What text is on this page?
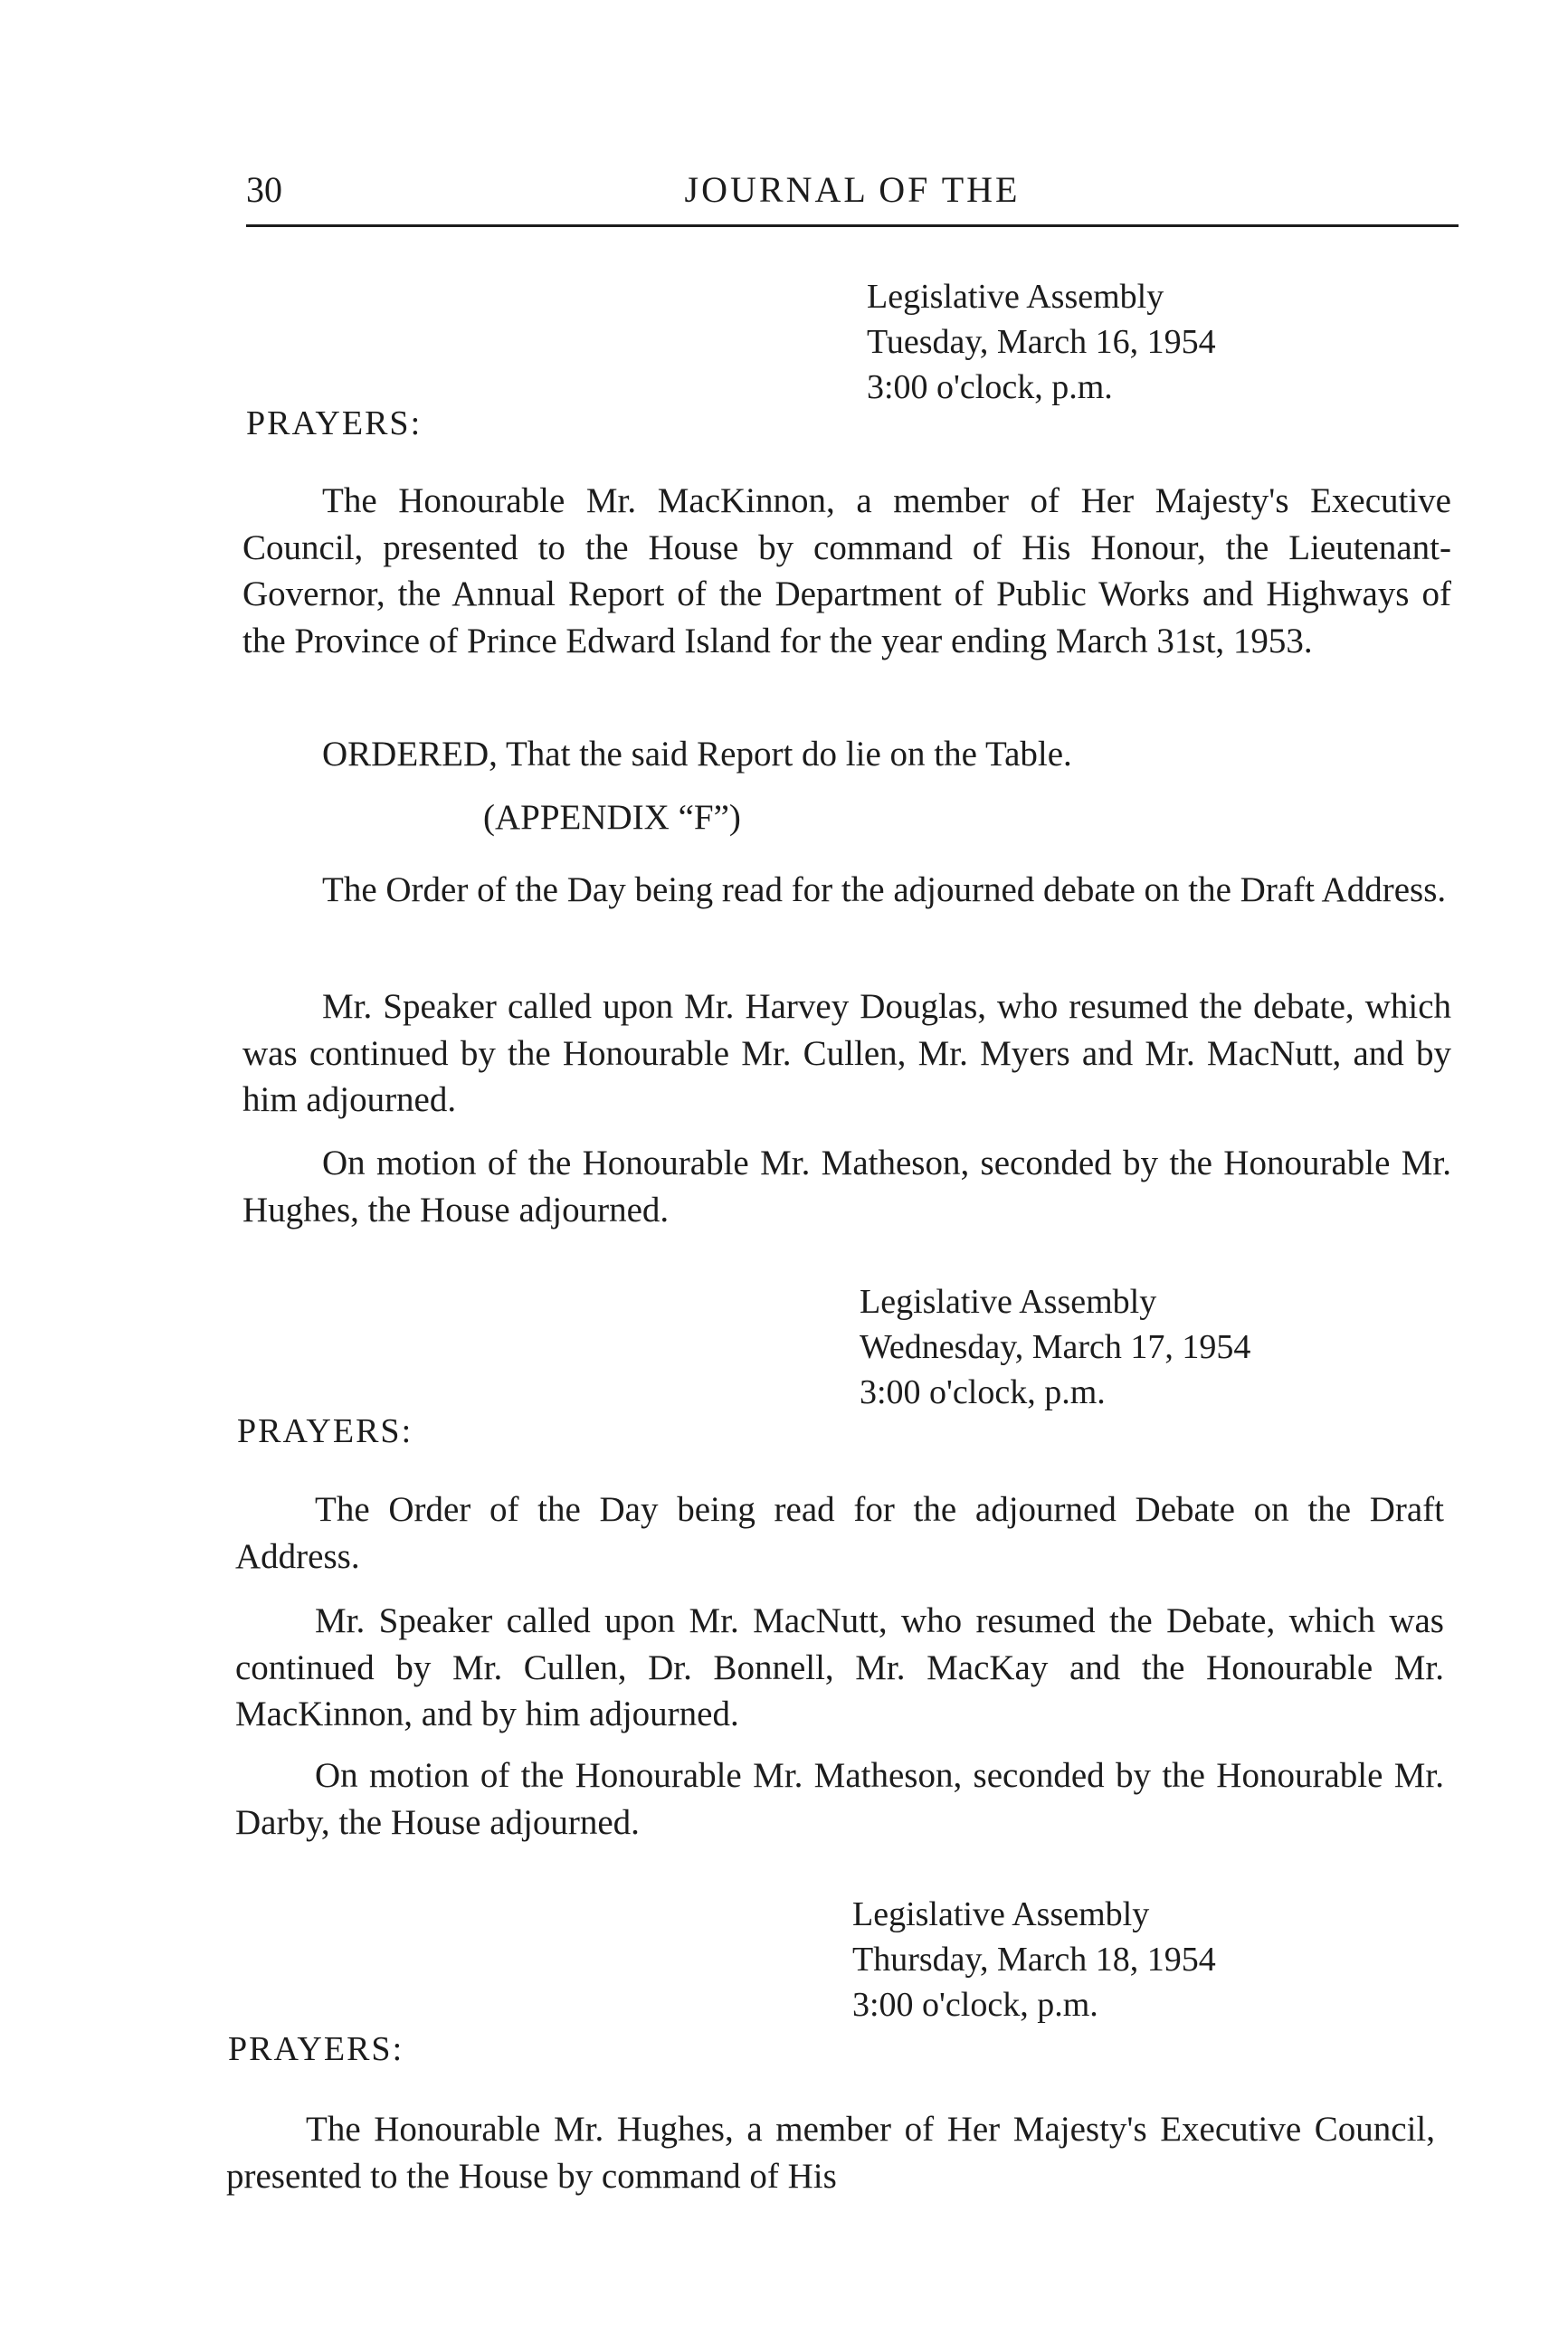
30	JOURNAL OF THE
Legislative Assembly
Tuesday, March 16, 1954
3:00 o'clock, p.m.
PRAYERS:

The Honourable Mr. MacKinnon, a member of Her Majesty's Executive Council, presented to the House by command of His Honour, the Lieutenant-Governor, the Annual Report of the Department of Public Works and Highways of the Province of Prince Edward Island for the year ending March 31st, 1953.

ORDERED, That the said Report do lie on the Table.

(APPENDIX “F”)

The Order of the Day being read for the adjourned debate on the Draft Address.

Mr. Speaker called upon Mr. Harvey Douglas, who resumed the debate, which was continued by the Honourable Mr. Cullen, Mr. Myers and Mr. MacNutt, and by him adjourned.

On motion of the Honourable Mr. Matheson, seconded by the Honourable Mr. Hughes, the House adjourned.

Legislative Assembly
Wednesday, March 17, 1954
3:00 o'clock, p.m.
PRAYERS:

The Order of the Day being read for the adjourned Debate on the Draft Address.

Mr. Speaker called upon Mr. MacNutt, who resumed the Debate, which was continued by Mr. Cullen, Dr. Bonnell, Mr. MacKay and the Honourable Mr. MacKinnon, and by him adjourned.

On motion of the Honourable Mr. Matheson, seconded by the Honourable Mr. Darby, the House adjourned.

Legislative Assembly
Thursday, March 18, 1954
3:00 o'clock, p.m.
PRAYERS:

The Honourable Mr. Hughes, a member of Her Majesty's Executive Council, presented to the House by command of His
